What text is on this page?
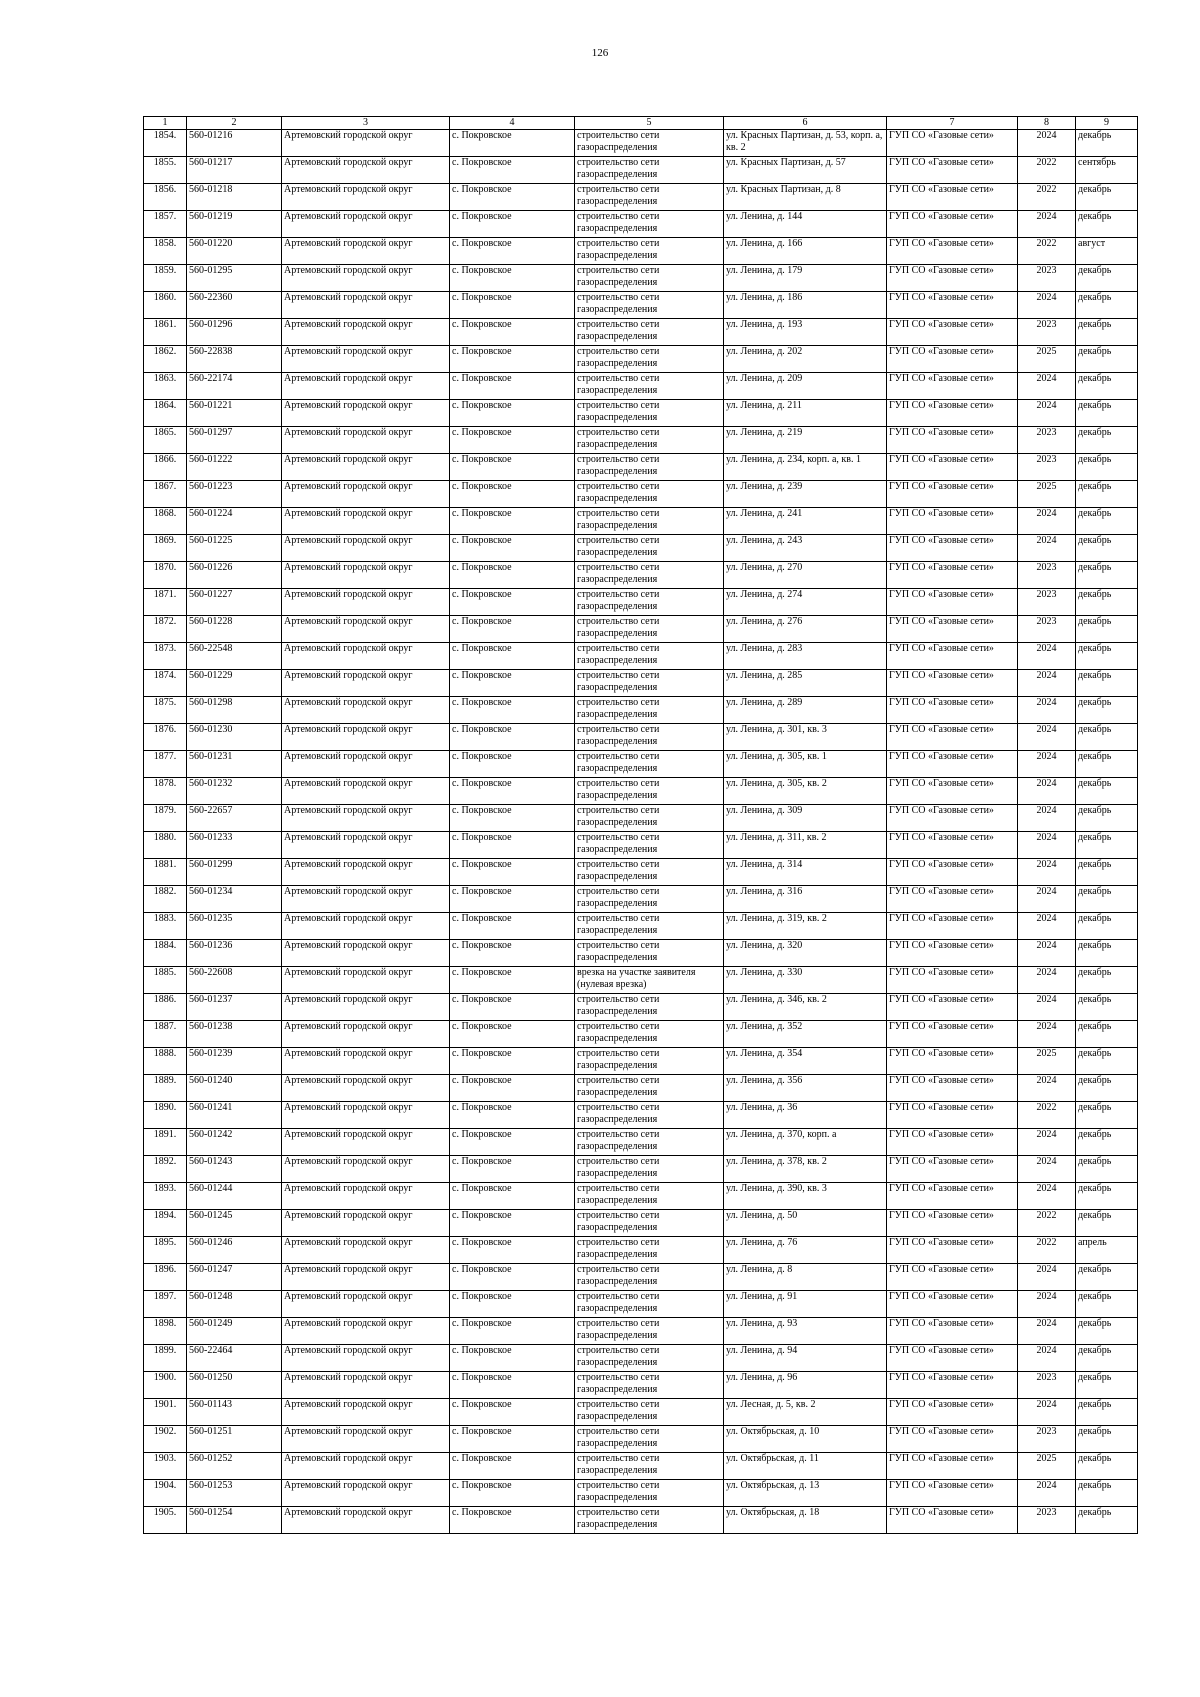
126
1	2	3	4	5	6	7	8	9
1854.	560-01216	Артемовский городской округ	с. Покровское	строительство сети газораспределения	ул. Красных Партизан, д. 53, корп. а, кв. 2	ГУП СО «Газовые сети»	2024	декабрь
1855.	560-01217	Артемовский городской округ	с. Покровское	строительство сети газораспределения	ул. Красных Партизан, д. 57	ГУП СО «Газовые сети»	2022	сентябрь
1856.	560-01218	Артемовский городской округ	с. Покровское	строительство сети газораспределения	ул. Красных Партизан, д. 8	ГУП СО «Газовые сети»	2022	декабрь
1857.	560-01219	Артемовский городской округ	с. Покровское	строительство сети газораспределения	ул. Ленина, д. 144	ГУП СО «Газовые сети»	2024	декабрь
1858.	560-01220	Артемовский городской округ	с. Покровское	строительство сети газораспределения	ул. Ленина, д. 166	ГУП СО «Газовые сети»	2022	август
1859.	560-01295	Артемовский городской округ	с. Покровское	строительство сети газораспределения	ул. Ленина, д. 179	ГУП СО «Газовые сети»	2023	декабрь
1860.	560-22360	Артемовский городской округ	с. Покровское	строительство сети газораспределения	ул. Ленина, д. 186	ГУП СО «Газовые сети»	2024	декабрь
1861.	560-01296	Артемовский городской округ	с. Покровское	строительство сети газораспределения	ул. Ленина, д. 193	ГУП СО «Газовые сети»	2023	декабрь
1862.	560-22838	Артемовский городской округ	с. Покровское	строительство сети газораспределения	ул. Ленина, д. 202	ГУП СО «Газовые сети»	2025	декабрь
1863.	560-22174	Артемовский городской округ	с. Покровское	строительство сети газораспределения	ул. Ленина, д. 209	ГУП СО «Газовые сети»	2024	декабрь
1864.	560-01221	Артемовский городской округ	с. Покровское	строительство сети газораспределения	ул. Ленина, д. 211	ГУП СО «Газовые сети»	2024	декабрь
1865.	560-01297	Артемовский городской округ	с. Покровское	строительство сети газораспределения	ул. Ленина, д. 219	ГУП СО «Газовые сети»	2023	декабрь
1866.	560-01222	Артемовский городской округ	с. Покровское	строительство сети газораспределения	ул. Ленина, д. 234, корп. а, кв. 1	ГУП СО «Газовые сети»	2023	декабрь
1867.	560-01223	Артемовский городской округ	с. Покровское	строительство сети газораспределения	ул. Ленина, д. 239	ГУП СО «Газовые сети»	2025	декабрь
1868.	560-01224	Артемовский городской округ	с. Покровское	строительство сети газораспределения	ул. Ленина, д. 241	ГУП СО «Газовые сети»	2024	декабрь
1869.	560-01225	Артемовский городской округ	с. Покровское	строительство сети газораспределения	ул. Ленина, д. 243	ГУП СО «Газовые сети»	2024	декабрь
1870.	560-01226	Артемовский городской округ	с. Покровское	строительство сети газораспределения	ул. Ленина, д. 270	ГУП СО «Газовые сети»	2023	декабрь
1871.	560-01227	Артемовский городской округ	с. Покровское	строительство сети газораспределения	ул. Ленина, д. 274	ГУП СО «Газовые сети»	2023	декабрь
1872.	560-01228	Артемовский городской округ	с. Покровское	строительство сети газораспределения	ул. Ленина, д. 276	ГУП СО «Газовые сети»	2023	декабрь
1873.	560-22548	Артемовский городской округ	с. Покровское	строительство сети газораспределения	ул. Ленина, д. 283	ГУП СО «Газовые сети»	2024	декабрь
1874.	560-01229	Артемовский городской округ	с. Покровское	строительство сети газораспределения	ул. Ленина, д. 285	ГУП СО «Газовые сети»	2024	декабрь
1875.	560-01298	Артемовский городской округ	с. Покровское	строительство сети газораспределения	ул. Ленина, д. 289	ГУП СО «Газовые сети»	2024	декабрь
1876.	560-01230	Артемовский городской округ	с. Покровское	строительство сети газораспределения	ул. Ленина, д. 301, кв. 3	ГУП СО «Газовые сети»	2024	декабрь
1877.	560-01231	Артемовский городской округ	с. Покровское	строительство сети газораспределения	ул. Ленина, д. 305, кв. 1	ГУП СО «Газовые сети»	2024	декабрь
1878.	560-01232	Артемовский городской округ	с. Покровское	строительство сети газораспределения	ул. Ленина, д. 305, кв. 2	ГУП СО «Газовые сети»	2024	декабрь
1879.	560-22657	Артемовский городской округ	с. Покровское	строительство сети газораспределения	ул. Ленина, д. 309	ГУП СО «Газовые сети»	2024	декабрь
1880.	560-01233	Артемовский городской округ	с. Покровское	строительство сети газораспределения	ул. Ленина, д. 311, кв. 2	ГУП СО «Газовые сети»	2024	декабрь
1881.	560-01299	Артемовский городской округ	с. Покровское	строительство сети газораспределения	ул. Ленина, д. 314	ГУП СО «Газовые сети»	2024	декабрь
1882.	560-01234	Артемовский городской округ	с. Покровское	строительство сети газораспределения	ул. Ленина, д. 316	ГУП СО «Газовые сети»	2024	декабрь
1883.	560-01235	Артемовский городской округ	с. Покровское	строительство сети газораспределения	ул. Ленина, д. 319, кв. 2	ГУП СО «Газовые сети»	2024	декабрь
1884.	560-01236	Артемовский городской округ	с. Покровское	строительство сети газораспределения	ул. Ленина, д. 320	ГУП СО «Газовые сети»	2024	декабрь
1885.	560-22608	Артемовский городской округ	с. Покровское	врезка на участке заявителя (нулевая врезка)	ул. Ленина, д. 330	ГУП СО «Газовые сети»	2024	декабрь
1886.	560-01237	Артемовский городской округ	с. Покровское	строительство сети газораспределения	ул. Ленина, д. 346, кв. 2	ГУП СО «Газовые сети»	2024	декабрь
1887.	560-01238	Артемовский городской округ	с. Покровское	строительство сети газораспределения	ул. Ленина, д. 352	ГУП СО «Газовые сети»	2024	декабрь
1888.	560-01239	Артемовский городской округ	с. Покровское	строительство сети газораспределения	ул. Ленина, д. 354	ГУП СО «Газовые сети»	2025	декабрь
1889.	560-01240	Артемовский городской округ	с. Покровское	строительство сети газораспределения	ул. Ленина, д. 356	ГУП СО «Газовые сети»	2024	декабрь
1890.	560-01241	Артемовский городской округ	с. Покровское	строительство сети газораспределения	ул. Ленина, д. 36	ГУП СО «Газовые сети»	2022	декабрь
1891.	560-01242	Артемовский городской округ	с. Покровское	строительство сети газораспределения	ул. Ленина, д. 370, корп. а	ГУП СО «Газовые сети»	2024	декабрь
1892.	560-01243	Артемовский городской округ	с. Покровское	строительство сети газораспределения	ул. Ленина, д. 378, кв. 2	ГУП СО «Газовые сети»	2024	декабрь
1893.	560-01244	Артемовский городской округ	с. Покровское	строительство сети газораспределения	ул. Ленина, д. 390, кв. 3	ГУП СО «Газовые сети»	2024	декабрь
1894.	560-01245	Артемовский городской округ	с. Покровское	строительство сети газораспределения	ул. Ленина, д. 50	ГУП СО «Газовые сети»	2022	декабрь
1895.	560-01246	Артемовский городской округ	с. Покровское	строительство сети газораспределения	ул. Ленина, д. 76	ГУП СО «Газовые сети»	2022	апрель
1896.	560-01247	Артемовский городской округ	с. Покровское	строительство сети газораспределения	ул. Ленина, д. 8	ГУП СО «Газовые сети»	2024	декабрь
1897.	560-01248	Артемовский городской округ	с. Покровское	строительство сети газораспределения	ул. Ленина, д. 91	ГУП СО «Газовые сети»	2024	декабрь
1898.	560-01249	Артемовский городской округ	с. Покровское	строительство сети газораспределения	ул. Ленина, д. 93	ГУП СО «Газовые сети»	2024	декабрь
1899.	560-22464	Артемовский городской округ	с. Покровское	строительство сети газораспределения	ул. Ленина, д. 94	ГУП СО «Газовые сети»	2024	декабрь
1900.	560-01250	Артемовский городской округ	с. Покровское	строительство сети газораспределения	ул. Ленина, д. 96	ГУП СО «Газовые сети»	2023	декабрь
1901.	560-01143	Артемовский городской округ	с. Покровское	строительство сети газораспределения	ул. Лесная, д. 5, кв. 2	ГУП СО «Газовые сети»	2024	декабрь
1902.	560-01251	Артемовский городской округ	с. Покровское	строительство сети газораспределения	ул. Октябрьская, д. 10	ГУП СО «Газовые сети»	2023	декабрь
1903.	560-01252	Артемовский городской округ	с. Покровское	строительство сети газораспределения	ул. Октябрьская, д. 11	ГУП СО «Газовые сети»	2025	декабрь
1904.	560-01253	Артемовский городской округ	с. Покровское	строительство сети газораспределения	ул. Октябрьская, д. 13	ГУП СО «Газовые сети»	2024	декабрь
1905.	560-01254	Артемовский городской округ	с. Покровское	строительство сети газораспределения	ул. Октябрьская, д. 18	ГУП СО «Газовые сети»	2023	декабрь
